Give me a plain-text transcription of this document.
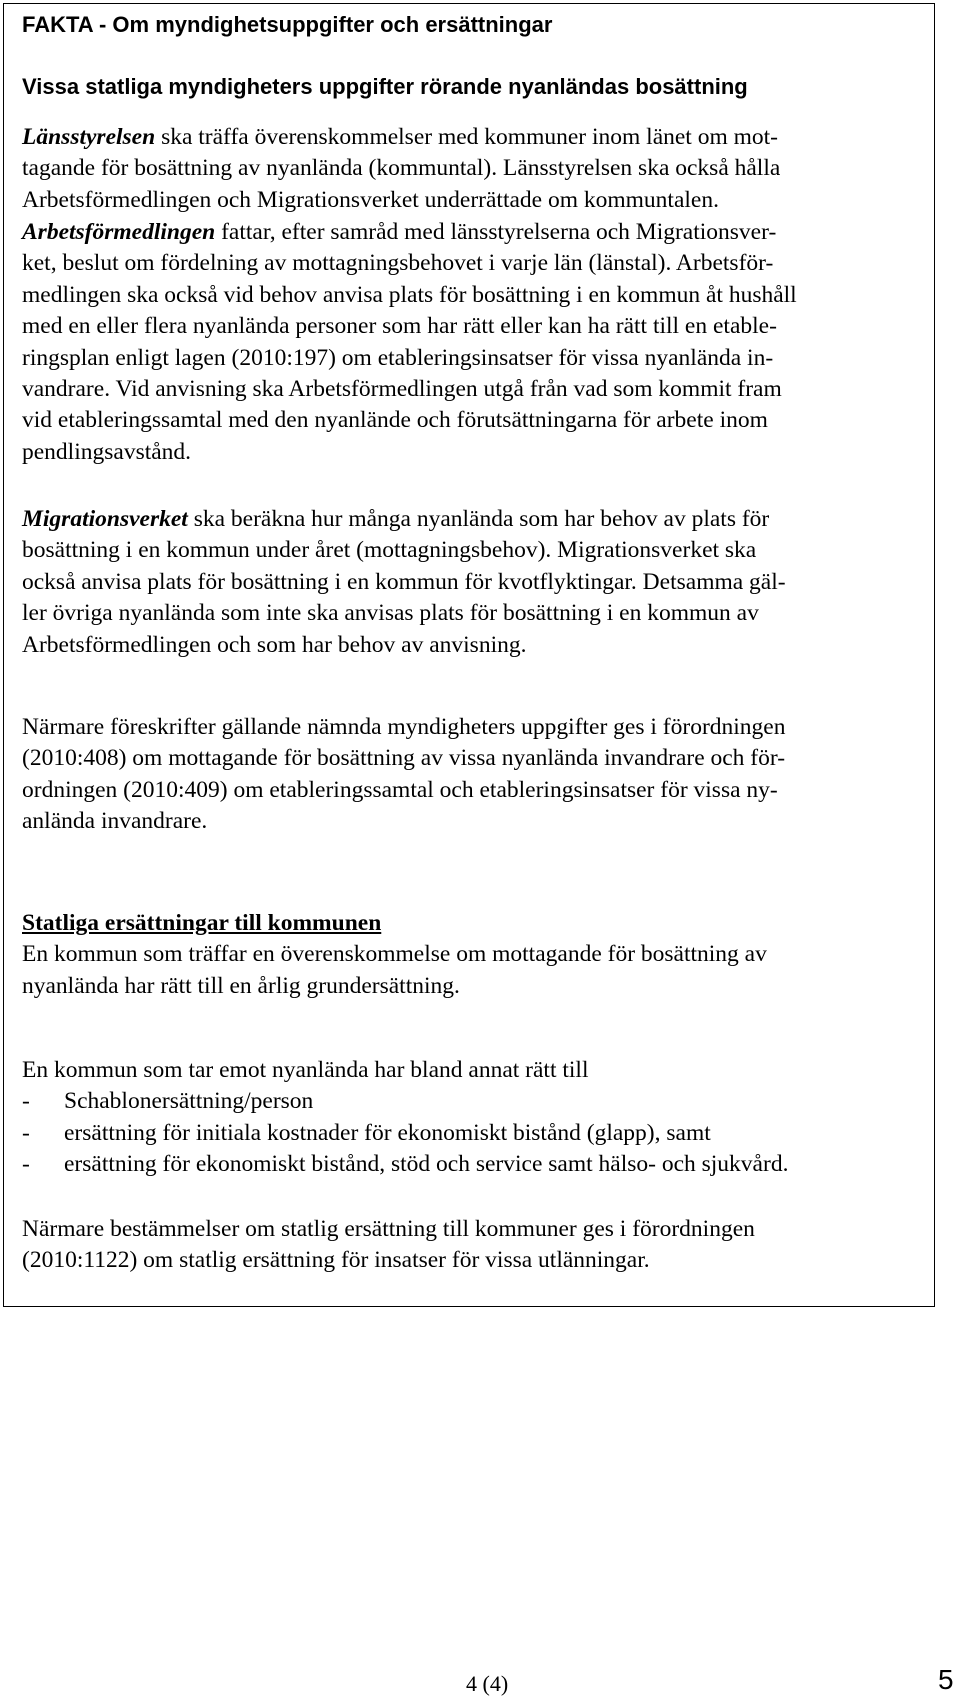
FAKTA - Om myndighetsuppgifter och ersättningar
Vissa statliga myndigheters uppgifter rörande nyanländas bosättning
Länsstyrelsen ska träffa överenskommelser med kommuner inom länet om mot-
tagande för bosättning av nyanlända (kommuntal). Länsstyrelsen ska också hålla
Arbetsförmedlingen och Migrationsverket underrättade om kommuntalen.
Arbetsförmedlingen fattar, efter samråd med länsstyrelserna och Migrationsver-
ket, beslut om fördelning av mottagningsbehovet i varje län (länstal). Arbetsför-
medlingen ska också vid behov anvisa plats för bosättning i en kommun åt hushåll
med en eller flera nyanlända personer som har rätt eller kan ha rätt till en etable-
ringsplan enligt lagen (2010:197) om etableringsinsatser för vissa nyanlända in-
vandrare. Vid anvisning ska Arbetsförmedlingen utgå från vad som kommit fram
vid etableringssamtal med den nyanlände och förutsättningarna för arbete inom
pendlingsavstånd.
Migrationsverket ska beräkna hur många nyanlända som har behov av plats för
bosättning i en kommun under året (mottagningsbehov). Migrationsverket ska
också anvisa plats för bosättning i en kommun för kvotflyktingar. Detsamma gäl-
ler övriga nyanlända som inte ska anvisas plats för bosättning i en kommun av
Arbetsförmedlingen och som har behov av anvisning.
Närmare föreskrifter gällande nämnda myndigheters uppgifter ges i förordningen
(2010:408) om mottagande för bosättning av vissa nyanlända invandrare och för-
ordningen (2010:409) om etableringssamtal och etableringsinsatser för vissa ny-
anlända invandrare.
Statliga ersättningar till kommunen
En kommun som träffar en överenskommelse om mottagande för bosättning av
nyanlända har rätt till en årlig grundersättning.
En kommun som tar emot nyanlända har bland annat rätt till
- Schablonersättning/person
- ersättning för initiala kostnader för ekonomiskt bistånd (glapp), samt
- ersättning för ekonomiskt bistånd, stöd och service samt hälso- och sjukvård.
Närmare bestämmelser om statlig ersättning till kommuner ges i förordningen
(2010:1122) om statlig ersättning för insatser för vissa utlänningar.
4 (4)	5
